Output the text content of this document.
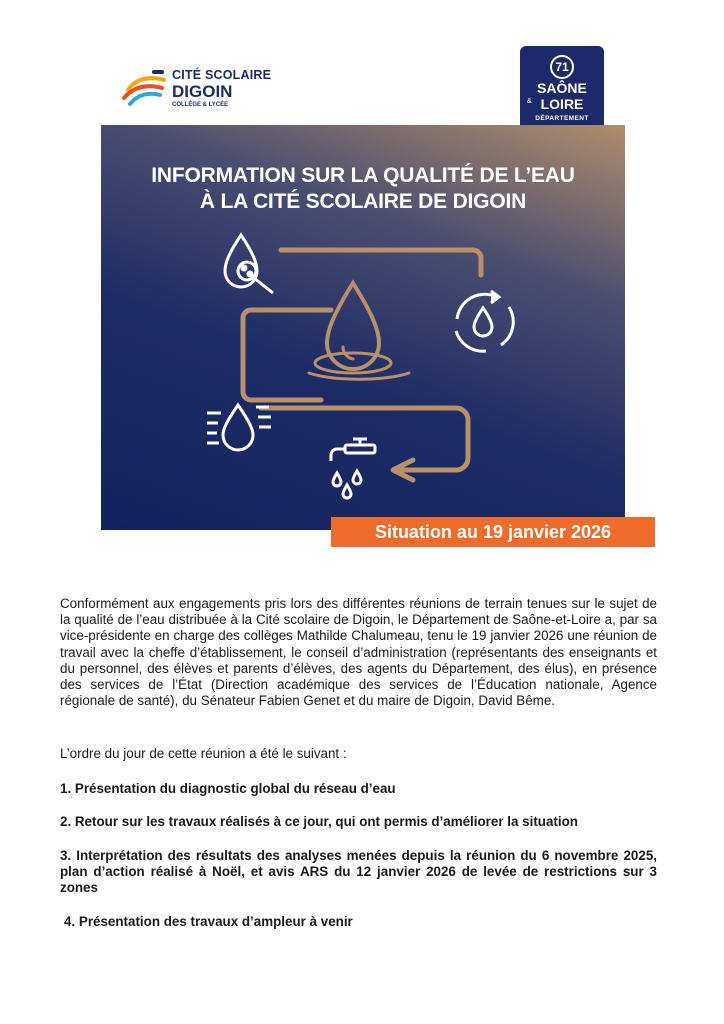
CITÉ SCOLAIRE
DIGOIN
COLLÈGE & LYCÉE
71
SAÔNE
& LOIRE
DÉPARTEMENT
INFORMATION SUR LA QUALITÉ DE L’EAU
À LA CITÉ SCOLAIRE DE DIGOIN
Situation au 19 janvier 2026

Conformément aux engagements pris lors des différentes réunions de terrain tenues sur le sujet de la qualité de l’eau distribuée à la Cité scolaire de Digoin, le Département de Saône-et-Loire a, par sa vice-présidente en charge des collèges Mathilde Chalumeau, tenu le 19 janvier 2026 une réunion de travail avec la cheffe d’établissement, le conseil d’administration (représentants des enseignants et du personnel, des élèves et parents d’élèves, des agents du Département, des élus), en présence des services de l’État (Direction académique des services de l’Éducation nationale, Agence régionale de santé), du Sénateur Fabien Genet et du maire de Digoin, David Bême.

L’ordre du jour de cette réunion a été le suivant :

1. Présentation du diagnostic global du réseau d’eau

2. Retour sur les travaux réalisés à ce jour, qui ont permis d’améliorer la situation

3. Interprétation des résultats des analyses menées depuis la réunion du 6 novembre 2025, plan d’action réalisé à Noël, et avis ARS du 12 janvier 2026 de levée de restrictions sur 3 zones

4. Présentation des travaux d’ampleur à venir
